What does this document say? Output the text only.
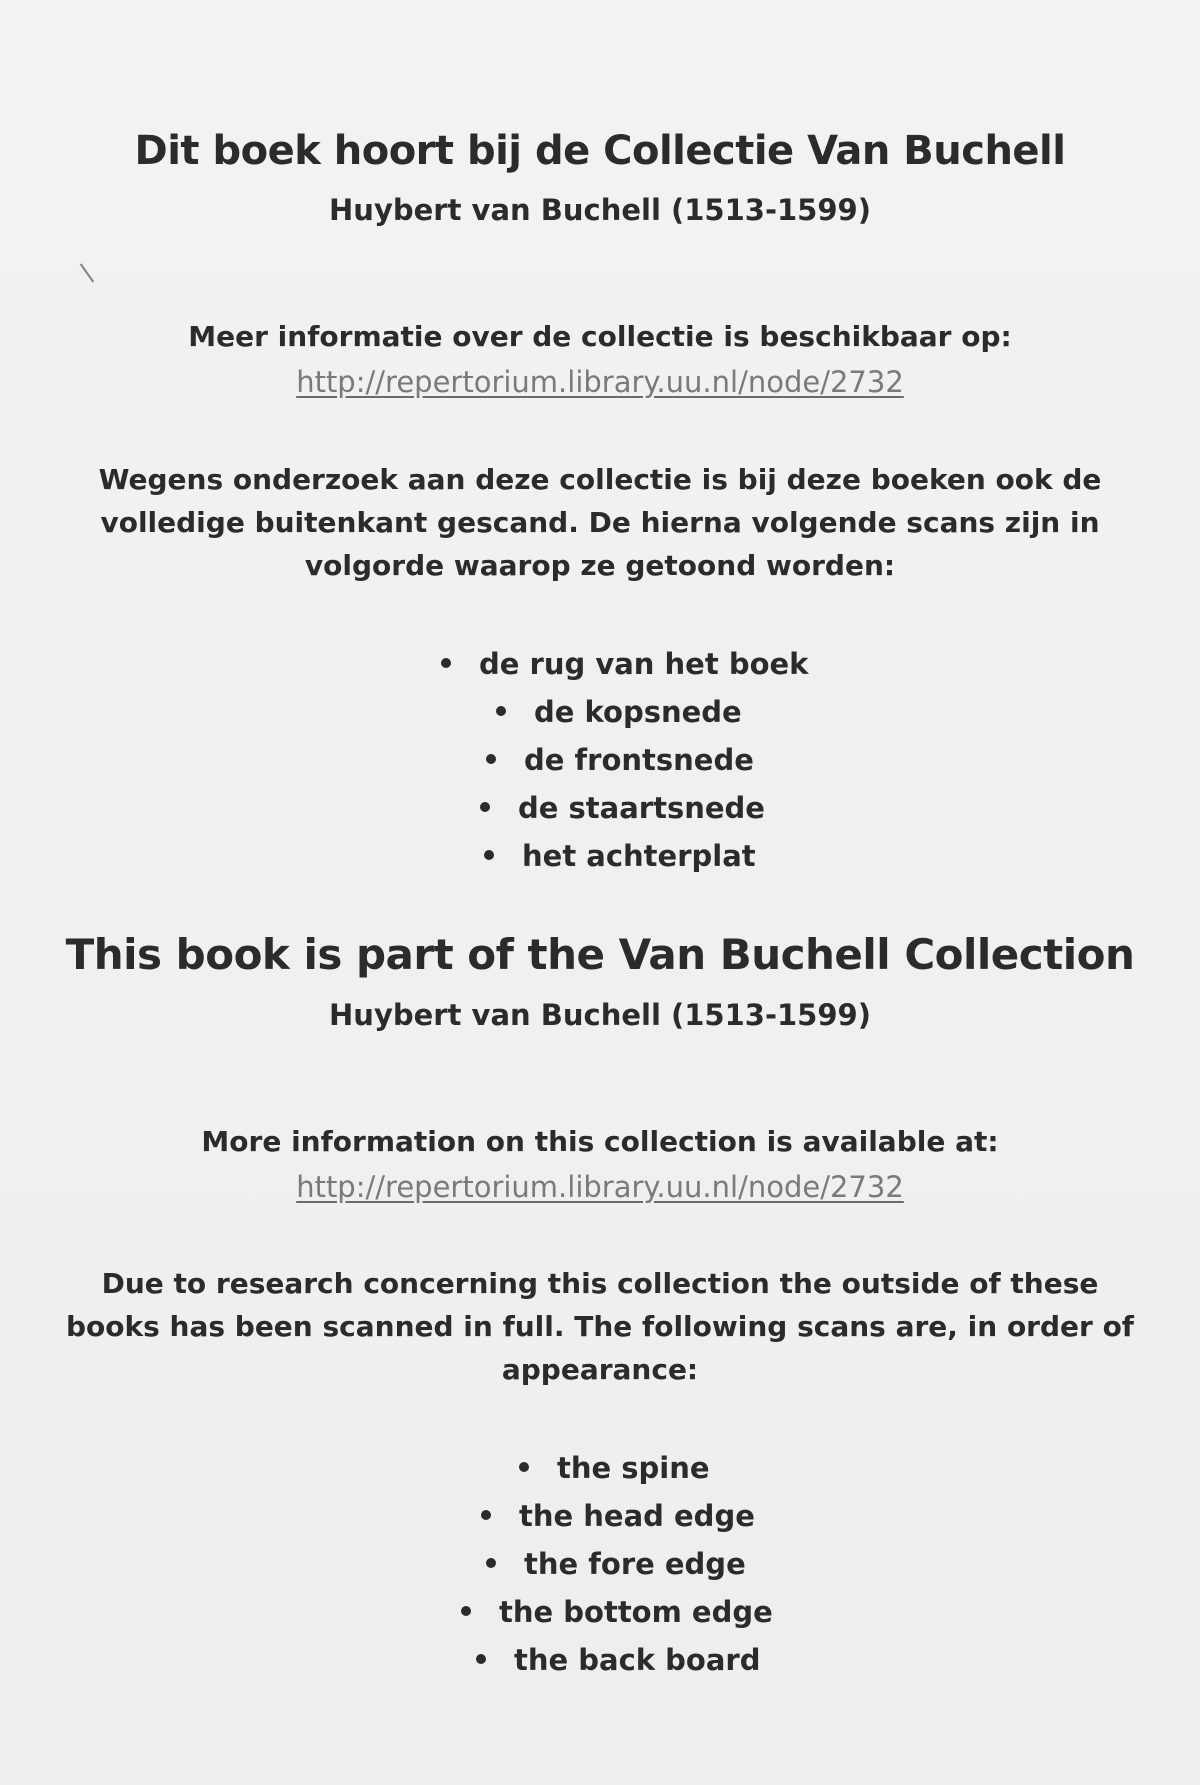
Dit boek hoort bij de Collectie Van Buchell
Huybert van Buchell (1513-1599)
Meer informatie over de collectie is beschikbaar op:
http://repertorium.library.uu.nl/node/2732
Wegens onderzoek aan deze collectie is bij deze boeken ook de
volledige buitenkant gescand. De hierna volgende scans zijn in
volgorde waarop ze getoond worden:
de rug van het boek
de kopsnede
de frontsnede
de staartsnede
het achterplat
This book is part of the Van Buchell Collection
Huybert van Buchell (1513-1599)
More information on this collection is available at:
http://repertorium.library.uu.nl/node/2732
Due to research concerning this collection the outside of these
books has been scanned in full. The following scans are, in order of
appearance:
the spine
the head edge
the fore edge
the bottom edge
the back board
